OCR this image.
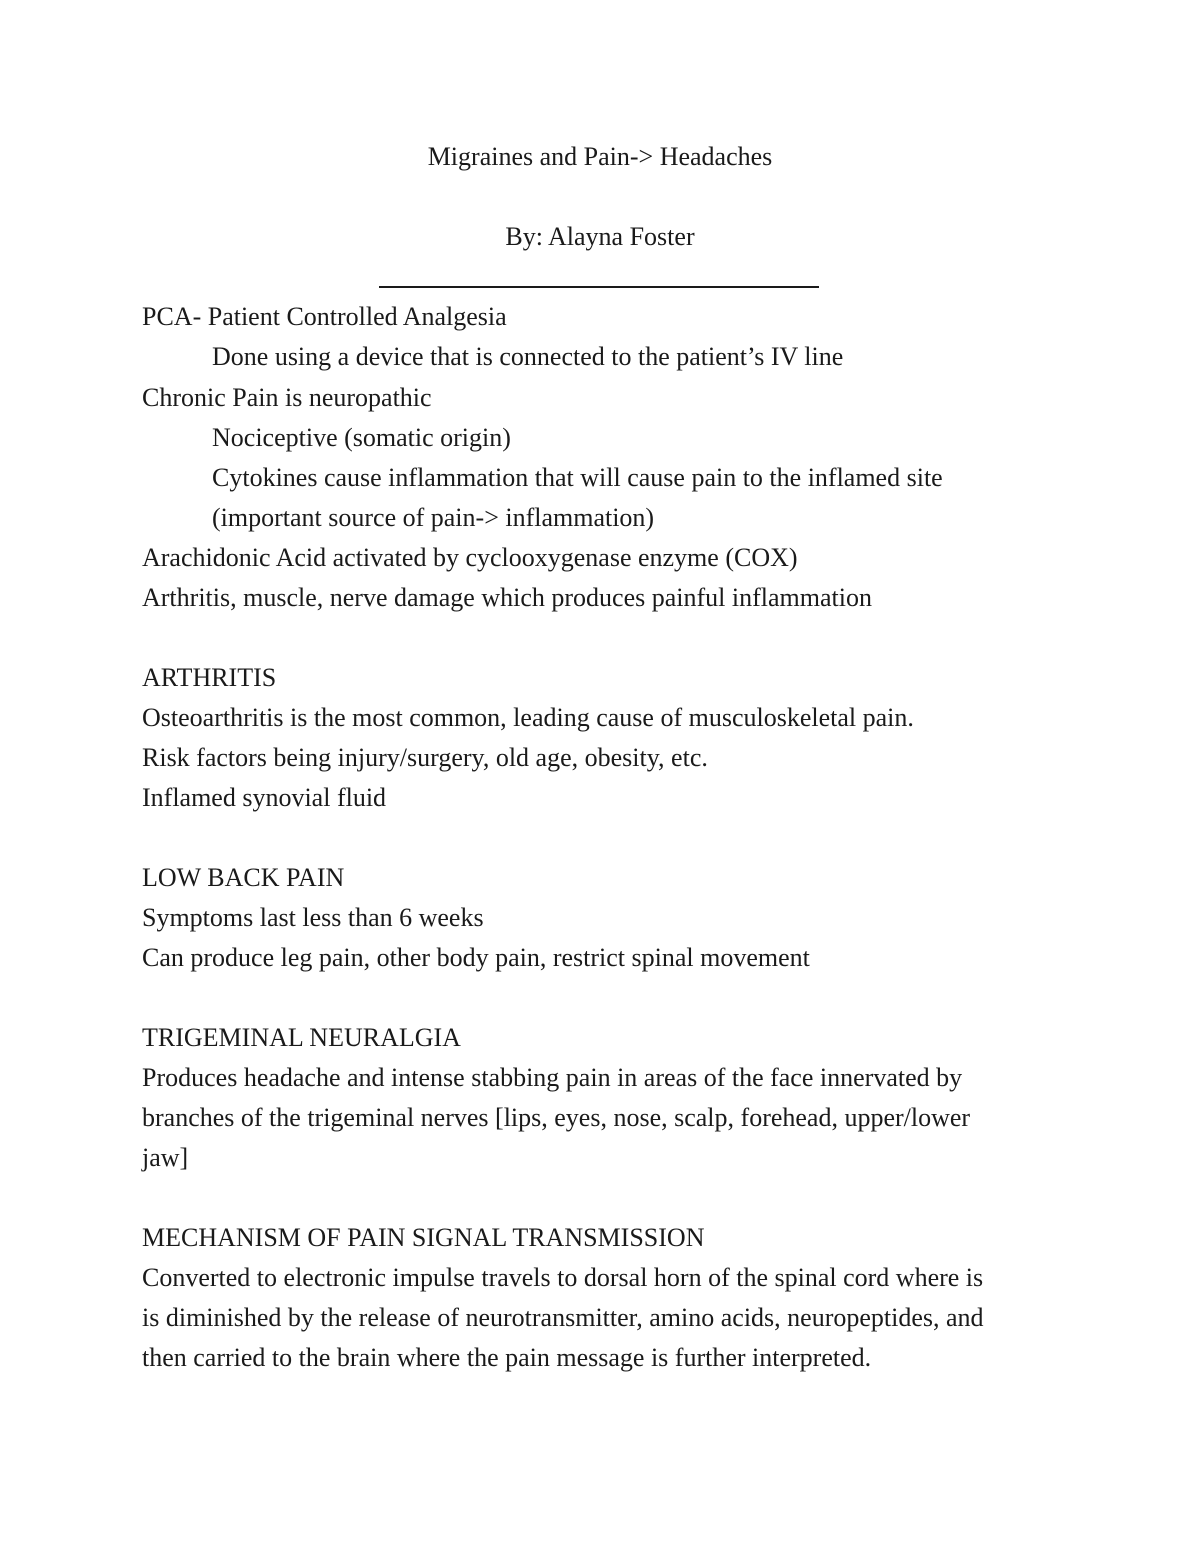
Migraines and Pain-> Headaches

By: Alayna Foster

PCA- Patient Controlled Analgesia

Done using a device that is connected to the patient’s IV line

Chronic Pain is neuropathic

Nociceptive (somatic origin)

Cytokines cause inflammation that will cause pain to the inflamed site

(important source of pain-> inflammation)

Arachidonic Acid activated by cyclooxygenase enzyme (COX)

Arthritis, muscle, nerve damage which produces painful inflammation

ARTHRITIS

Osteoarthritis is the most common, leading cause of musculoskeletal pain.

Risk factors being injury/surgery, old age, obesity, etc.

Inflamed synovial fluid

LOW BACK PAIN

Symptoms last less than 6 weeks

Can produce leg pain, other body pain, restrict spinal movement

TRIGEMINAL NEURALGIA

Produces headache and intense stabbing pain in areas of the face innervated by

branches of the trigeminal nerves [lips, eyes, nose, scalp, forehead, upper/lower

jaw]

MECHANISM OF PAIN SIGNAL TRANSMISSION

Converted to electronic impulse travels to dorsal horn of the spinal cord where is

is diminished by the release of neurotransmitter, amino acids, neuropeptides, and

then carried to the brain where the pain message is further interpreted.
